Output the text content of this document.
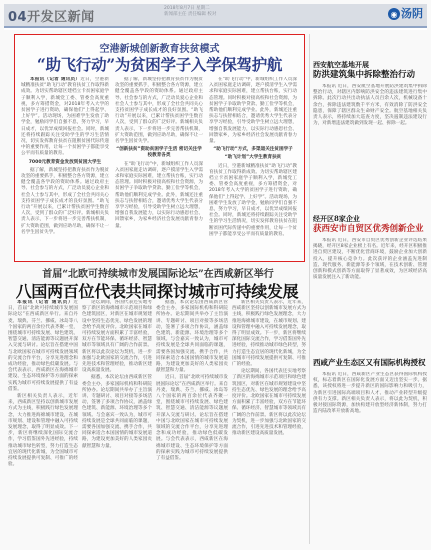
04开发区新闻
2018年8月7日 星期二
新闻部主任 责任编辑 校对	◉ 汤阴
空港新城创新教育扶贫模式
“助飞行动”为贫困学子入学保驾护航

本报讯（记者 通讯员）近日，空港新城精准扶贫“助飞行动”教育扶贫工作取得新成效。为切实帮助辖区建档立卡贫困家庭学子顺利入学，新城党工委、管委会高度重视，多方筹措资金，对2018年考入大学的贫困学子进行资助，确保他们“上得起学、上好学”。活动现场，为困难学生发放了助学金，勉励同学们自强不息，努力学习，早日成才，以优异成绩回报社会。同时，新城还将持续跟踪关注受助学生的学习生活情况，切实发挥教育扶贫在阻断贫困代际传递中的重要作用，让每一个贫困学子都能享受公平而有质量的教育。

7000元教育资金发放到贫困大学生

据了解，新城坚持把教育扶贫作为脱贫攻坚的重要抓手，积极整合各方资源，建立健全覆盖各学段的资助体系。通过政府主导、社会参与的方式，广泛动员爱心企业和社会人士参与其中，形成了全社会共同关心支持贫困学子成长成才的良好氛围。“助飞行动”开展以来，已累计帮扶贫困学生数百人次，受到了群众的广泛好评。新城相关负责人表示，下一步将进一步完善帮扶机制，扩大资助范围，做到应助尽助，确保不让一名学生因贫失学。

据了解，新城坚持把教育扶贫作为脱贫攻坚的重要抓手，积极整合各方资源，建立健全覆盖各学段的资助体系。通过政府主导、社会参与的方式，广泛动员爱心企业和社会人士参与其中，形成了全社会共同关心支持贫困学子成长成才的良好氛围。“助飞行动”开展以来，已累计帮扶贫困学生数百人次，受到了群众的广泛好评。新城相关负责人表示，下一步将进一步完善帮扶机制，扩大资助范围，做到应助尽助，确保不让一名学生因贫失学。

“创新扶贫”资助贫困学子生活 密切关注学校教育各类

在“助飞行动”中，新城组织工作人员深入贫困家庭走访调研，逐户摸清学生入学需求和家庭实际困难，建立帮扶台账，实行动态管理。同时积极对接高校和社会资源，为贫困学子争取助学贷款、勤工俭学等机会，帮助他们顺利完成学业。此外，新城还注重扶志与扶智相结合，邀请优秀大学生代表分享学习经验，引导受助学生树立远大理想，增强自我发展能力，以实际行动感恩社会、回馈家乡，为家乡经济社会发展贡献青春力量。

在“助飞行动”中，新城组织工作人员深入贫困家庭走访调研，逐户摸清学生入学需求和家庭实际困难，建立帮扶台账，实行动态管理。同时积极对接高校和社会资源，为贫困学子争取助学贷款、勤工俭学等机会，帮助他们顺利完成学业。此外，新城还注重扶志与扶智相结合，邀请优秀大学生代表分享学习经验，引导受助学生树立远大理想，增强自我发展能力，以实际行动感恩社会、回馈家乡，为家乡经济社会发展贡献青春力量。

“助飞行动”方式，多渠道关注贫困学子
“助飞计划”大学生教育扶贫

近日，空港新城精准扶贫“助飞行动”教育扶贫工作取得新成效。为切实帮助辖区建档立卡贫困家庭学子顺利入学，新城党工委、管委会高度重视，多方筹措资金，对2018年考入大学的贫困学子进行资助，确保他们“上得起学、上好学”。活动现场，为困难学生发放了助学金，勉励同学们自强不息，努力学习，早日成才，以优异成绩回报社会。同时，新城还将持续跟踪关注受助学生的学习生活情况，切实发挥教育扶贫在阻断贫困代际传递中的重要作用，让每一个贫困学子都能享受公平而有质量的教育。

首届“北欧可持续城市发展国际论坛”在西咸新区举行
八国两百位代表共同探讨城市可持续发展

本报讯（记者 通讯员）近日，首届“北欧可持续城市发展国际论坛”在西咸新区举行。来自丹麦、瑞典、芬兰、挪威、冰岛等八个国家的两百余位代表齐聚一堂，围绕城市可持续发展、绿色建筑、智慧交通、清洁能源等议题展开深入交流与研讨。论坛旨在搭建中国与北欧国家在城市可持续发展领域的交流合作平台，分享先进理念和成功经验，推动绿色低碳发展。与会代表表示，西咸新区在海绵城市建设、生态环境保护等方面的探索实践为城市可持续发展提供了有益借鉴。

新区相关负责人表示，近年来，西咸新区坚持以创新城市发展方式为主线，积极践行绿色发展理念，大力推进海绵城市建设，在城市规划、建设和管理中融入可持续发展理念，取得了明显成效。下一步，新区将继续深化国际交流合作，学习借鉴国外先进经验，持续推动城市绿色转型，努力打造生态宜居的现代化新城，为全国城市可持续发展提供可复制、可推广的经验。

论坛期间，各国代表还实地考察了新区的海绵城市示范项目和绿色建筑园区，对新区在城市规划建设中坚持生态优先、绿色发展的理念给予高度评价。北欧国家在城市可持续发展方面积累了丰富经验，双方在节能环保、循环经济、智慧城市等领域具有广阔的合作前景。新区将以此次论坛为契机，进一步加强与北欧国家的交流合作，引进先进技术和管理经验，推动新区建设高质量发展。

据悉，本次论坛由西咸新区管委会主办，多家国际机构和科研院所协办。论坛期间共举办了主旨演讲、专题研讨、项目对接等多场活动，签署了多项合作协议，涵盖绿色建筑、新能源、环境治理等多个领域。与会嘉宾一致认为，城市可持续发展是全球共同面临的课题，需要各国加强交流、携手合作，共同探索适合本国国情的城市发展道路，为建设更加美好的人类家园贡献智慧和力量。

据悉，本次论坛由西咸新区管委会主办，多家国际机构和科研院所协办。论坛期间共举办了主旨演讲、专题研讨、项目对接等多场活动，签署了多项合作协议，涵盖绿色建筑、新能源、环境治理等多个领域。与会嘉宾一致认为，城市可持续发展是全球共同面临的课题，需要各国加强交流、携手合作，共同探索适合本国国情的城市发展道路，为建设更加美好的人类家园贡献智慧和力量。

近日，首届“北欧可持续城市发展国际论坛”在西咸新区举行。来自丹麦、瑞典、芬兰、挪威、冰岛等八个国家的两百余位代表齐聚一堂，围绕城市可持续发展、绿色建筑、智慧交通、清洁能源等议题展开深入交流与研讨。论坛旨在搭建中国与北欧国家在城市可持续发展领域的交流合作平台，分享先进理念和成功经验，推动绿色低碳发展。与会代表表示，西咸新区在海绵城市建设、生态环境保护等方面的探索实践为城市可持续发展提供了有益借鉴。

新区相关负责人表示，近年来，西咸新区坚持以创新城市发展方式为主线，积极践行绿色发展理念，大力推进海绵城市建设，在城市规划、建设和管理中融入可持续发展理念，取得了明显成效。下一步，新区将继续深化国际交流合作，学习借鉴国外先进经验，持续推动城市绿色转型，努力打造生态宜居的现代化新城，为全国城市可持续发展提供可复制、可推广的经验。

论坛期间，各国代表还实地考察了新区的海绵城市示范项目和绿色建筑园区，对新区在城市规划建设中坚持生态优先、绿色发展的理念给予高度评价。北欧国家在城市可持续发展方面积累了丰富经验，双方在节能环保、循环经济、智慧城市等领域具有广阔的合作前景。新区将以此次论坛为契机，进一步加强与北欧国家的交流合作，引进先进技术和管理经验，推动新区建设高质量发展。

西安航空基地开展
防洪建筑集中拆除整治行动

本报讯 近日，西安航空基地开展防洪建筑集中拆除整治行动，对辖区内影响防洪安全的违法建筑进行集中拆除。此次行动共出动执法人员百余人次，机械设备十余台，拆除违法建筑数千平方米，有效消除了防洪安全隐患，保障了辖区群众生命财产安全。航空基地相关负责人表示，将持续加大巡查力度，坚决遏制违法建设行为，对新增违法建筑做到发现一起、拆除一起。

经开区8家企业
获西安市自贸区优秀创新企业

本报讯 近日，西安市自贸区优秀创新企业评选结果揭晓，经开区8家企业榜上有名。近年来，经开区积极推进自贸区建设，不断优化营商环境，鼓励企业加大创新投入，提升核心竞争力。此次获评的企业涵盖先进制造、现代服务、新能源等多个领域，在技术创新、管理创新和模式创新等方面取得了显著成效，为区域经济高质量发展注入了新动能。

西咸产业生态区又有国际机构授权

本报讯 近日，西咸新区产业生态区获得国际机构授权，标志着新区在国际化发展方面又迈出坚实一步。据悉，该授权将进一步提升新区的国际影响力和吸引力，为新区引进国际高端项目和人才、推动产业转型升级提供有力支撑。新区相关负责人表示，将以此为契机，积极对接国际资源，加快构建开放型经济新体制，努力打造内陆改革开放新高地。
